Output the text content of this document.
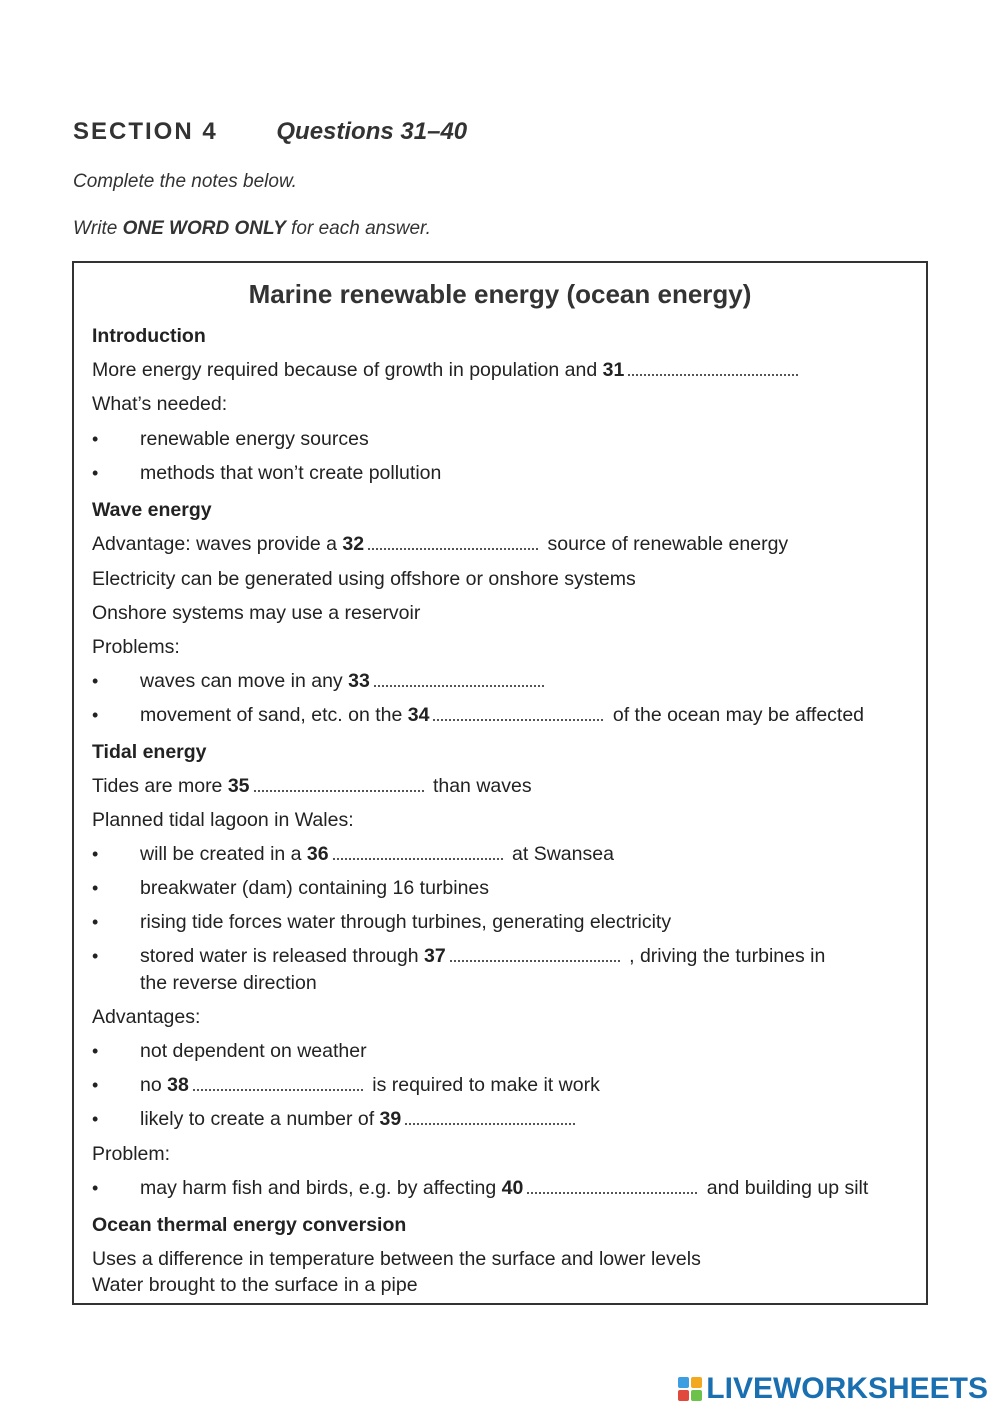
SECTION 4 Questions 31–40
Complete the notes below.
Write ONE WORD ONLY for each answer.
Marine renewable energy (ocean energy)
Introduction
More energy required because of growth in population and 31
What’s needed:
• renewable energy sources
• methods that won’t create pollution
Wave energy
Advantage: waves provide a 32	source of renewable energy
Electricity can be generated using offshore or onshore systems
Onshore systems may use a reservoir
Problems:
• waves can move in any 33
• movement of sand, etc. on the 34	of the ocean may be affected
Tidal energy
Tides are more 35	than waves
Planned tidal lagoon in Wales:
• will be created in a 36	at Swansea
• breakwater (dam) containing 16 turbines
• rising tide forces water through turbines, generating electricity
• stored water is released through 37	, driving the turbines in
the reverse direction
Advantages:
• not dependent on weather
• no 38	is required to make it work
• likely to create a number of 39
Problem:
• may harm fish and birds, e.g. by affecting 40	and building up silt
Ocean thermal energy conversion
Uses a difference in temperature between the surface and lower levels
Water brought to the surface in a pipe
LIVEWORKSHEETS
